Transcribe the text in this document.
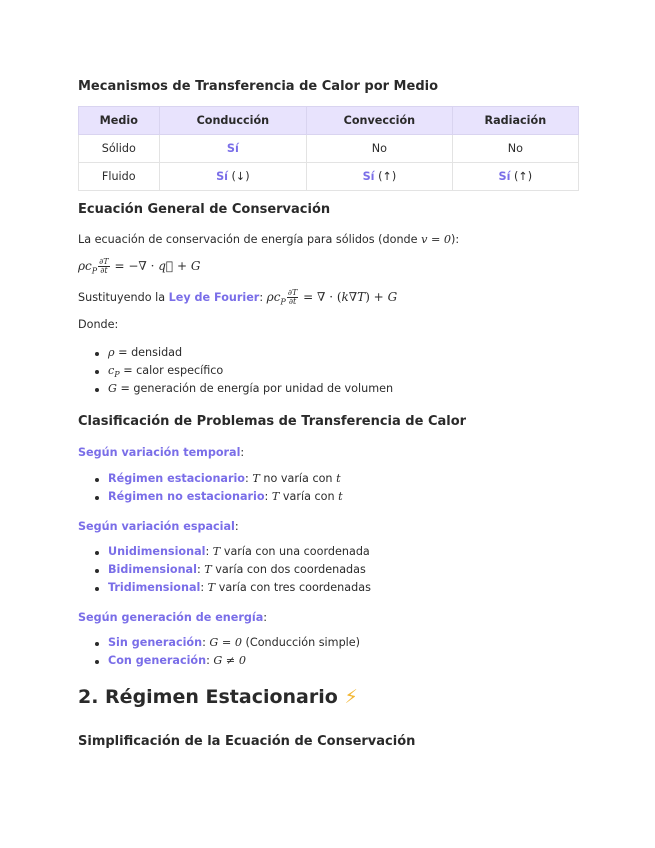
Mecanismos de Transferencia de Calor por Medio
Medio	Conducción	Convección	Radiación
Sólido	Sí	No	No
Fluido	Sí (↓)	Sí (↑)	Sí (↑)
Ecuación General de Conservación

La ecuación de conservación de energía para sólidos (donde v = 0):

$\rho c_P \frac{\partial T}{\partial t}$ = −∇ · q⃗ + G

Sustituyendo la Ley de Fourier: $\rho c_P \frac{\partial T}{\partial t}$ = ∇ · (k∇T) + G

Donde:

ρ = densidad
$c_P$ = calor específico
G = generación de energía por unidad de volumen
Clasificación de Problemas de Transferencia de Calor
Según variación temporal:
Régimen estacionario: T no varía con t
Régimen no estacionario: T varía con t
Según variación espacial:
Unidimensional: T varía con una coordenada
Bidimensional: T varía con dos coordenadas
Tridimensional: T varía con tres coordenadas
Según generación de energía:
Sin generación: G = 0 (Conducción simple)
Con generación: G ≠ 0
2. Régimen Estacionario ⚡
Simplificación de la Ecuación de Conservación
